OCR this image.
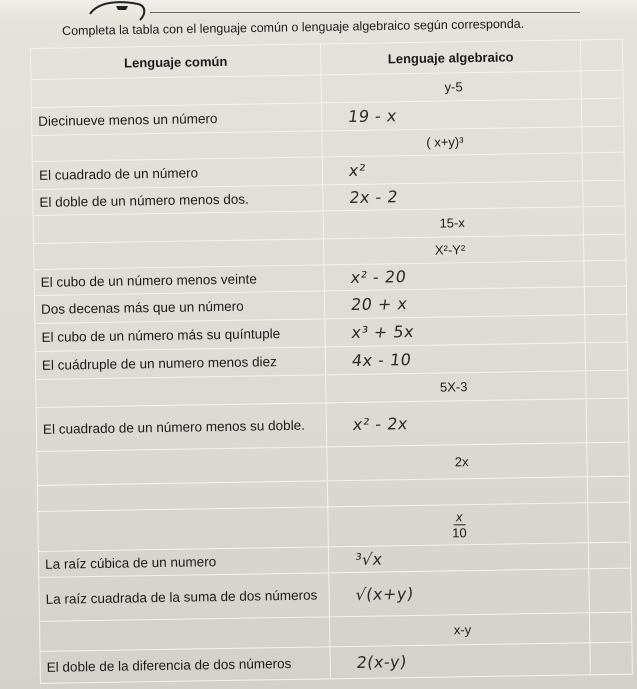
Completa la tabla con el lenguaje común o lenguaje algebraico según corresponda.
Lenguaje común	Lenguaje algebraico	
	y-5	
Diecinueve menos un número	19 - x	
	( x+y)³	
El cuadrado de un número	x²	
El doble de un número menos dos.	2x - 2	
	15-x	
	X²-Y²	
El cubo de un número menos veinte	x² - 20	
Dos decenas más que un número	20 + x	
El cubo de un número más su quíntuple	x³ + 5x	
El cuádruple de un numero menos diez	4x - 10	
	5X-3	
El cuadrado de un número menos su doble.	x² - 2x	
	2x	

	$\frac{x}{10}$

La raíz cúbica de un numero	³√x	
La raíz cuadrada de la suma de dos números	√(x+y)	
	x-y	
El doble de la diferencia de dos números	2(x-y)	
